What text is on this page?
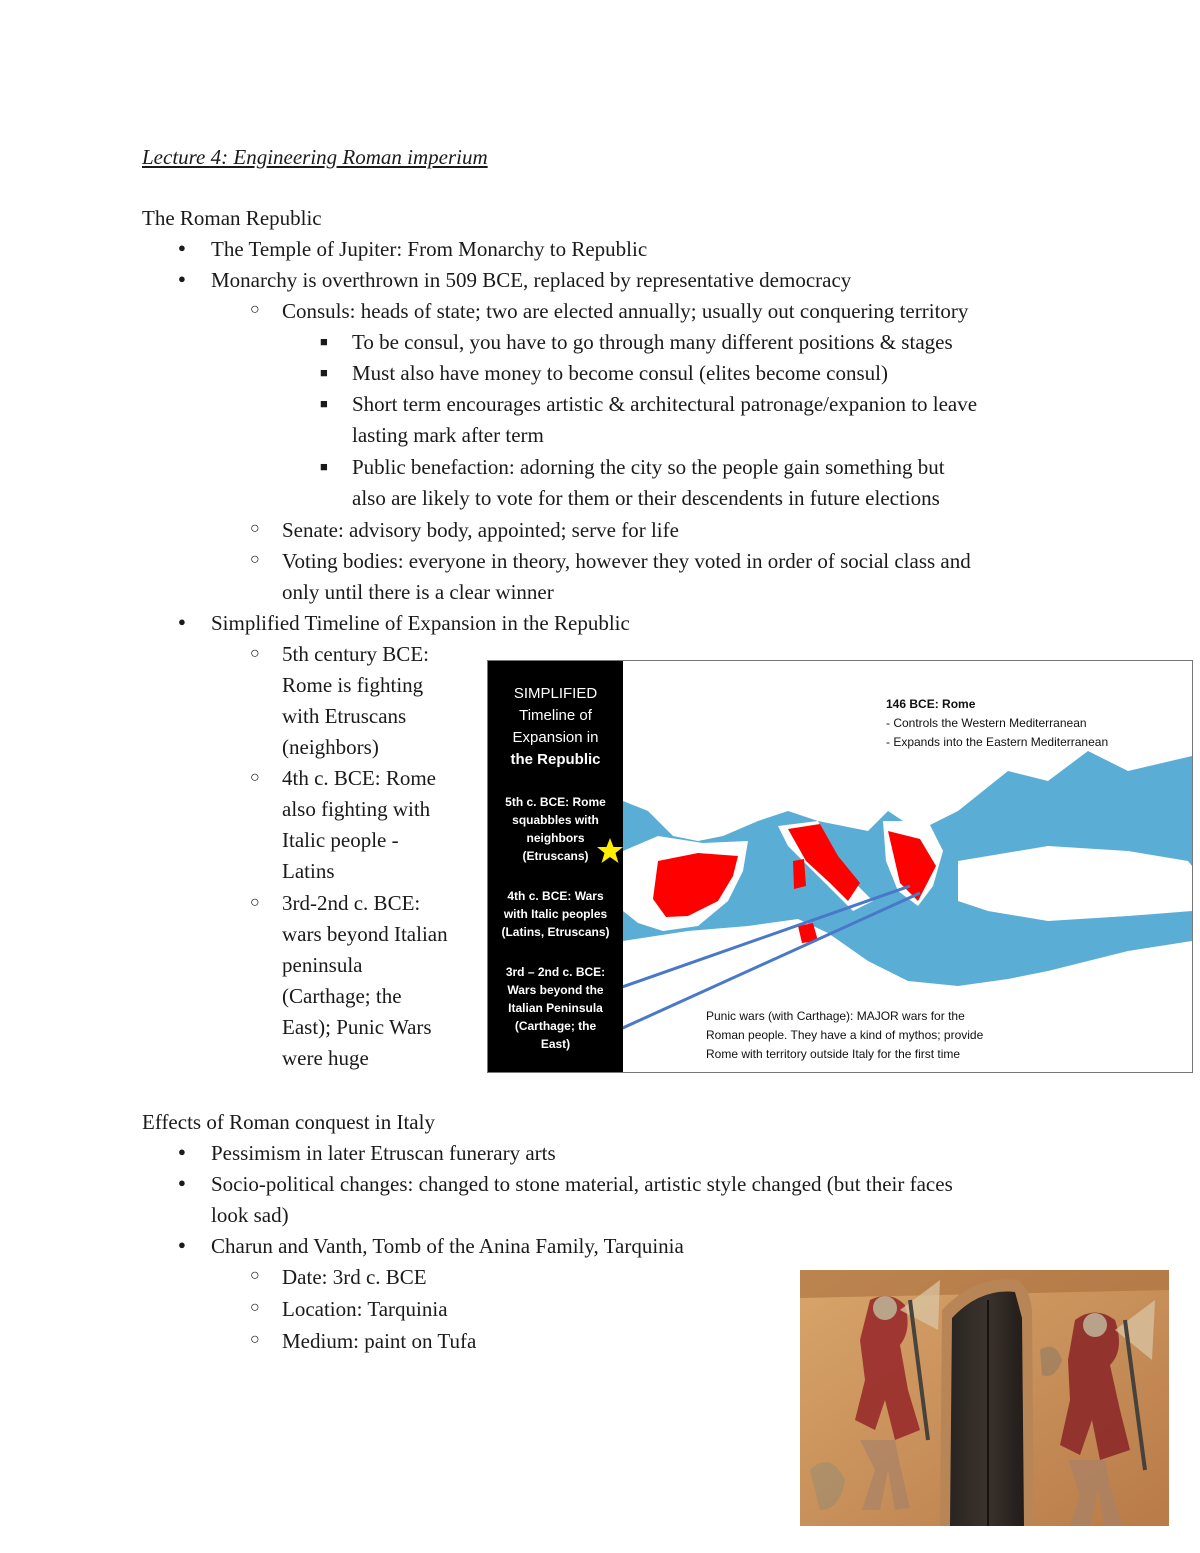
Lecture 4: Engineering Roman imperium
The Roman Republic
● The Temple of Jupiter: From Monarchy to Republic
● Monarchy is overthrown in 509 BCE, replaced by representative democracy
○ Consuls: heads of state; two are elected annually; usually out conquering territory
■ To be consul, you have to go through many different positions & stages
■ Must also have money to become consul (elites become consul)
■ Short term encourages artistic & architectural patronage/expanion to leave
lasting mark after term
■ Public benefaction: adorning the city so the people gain something but
also are likely to vote for them or their descendents in future elections
○ Senate: advisory body, appointed; serve for life
○ Voting bodies: everyone in theory, however they voted in order of social class and
only until there is a clear winner
● Simplified Timeline of Expansion in the Republic
○ 5th century BCE:
Rome is fighting
with Etruscans
(neighbors)
○ 4th c. BCE: Rome
also fighting with
Italic people -
Latins
○ 3rd-2nd c. BCE:
wars beyond Italian
peninsula
(Carthage; the
East); Punic Wars
were huge
SIMPLIFIED
Timeline of
Expansion in
the Republic
5th c. BCE: Rome
squabbles with
neighbors
(Etruscans)
4th c. BCE: Wars
with Italic peoples
(Latins, Etruscans)
3rd – 2nd c. BCE:
Wars beyond the
Italian Peninsula
(Carthage; the
East)
146 BCE: Rome
- Controls the Western Mediterranean
- Expands into the Eastern Mediterranean
Punic wars (with Carthage): MAJOR wars for the
Roman people. They have a kind of mythos; provide
Rome with territory outside Italy for the first time
Effects of Roman conquest in Italy
● Pessimism in later Etruscan funerary arts
● Socio-political changes: changed to stone material, artistic style changed (but their faces
look sad)
● Charun and Vanth, Tomb of the Anina Family, Tarquinia
○ Date: 3rd c. BCE
○ Location: Tarquinia
○ Medium: paint on Tufa
